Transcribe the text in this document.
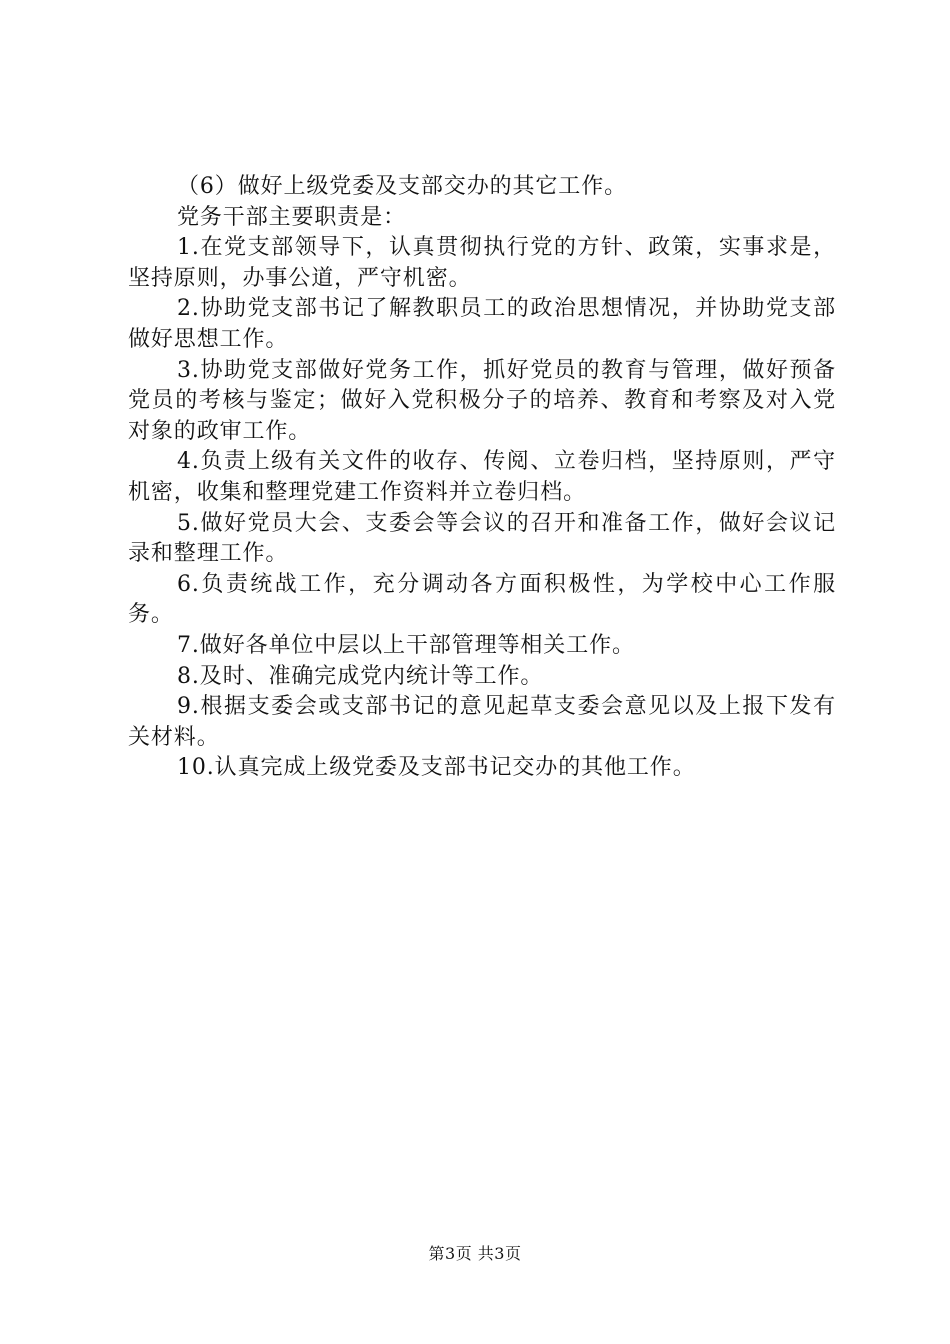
（6）做好上级党委及支部交办的其它工作。

党务干部主要职责是：

1.在党支部领导下，认真贯彻执行党的方针、政策，实事求是，坚持原则，办事公道，严守机密。

2.协助党支部书记了解教职员工的政治思想情况，并协助党支部做好思想工作。

3.协助党支部做好党务工作，抓好党员的教育与管理，做好预备党员的考核与鉴定；做好入党积极分子的培养、教育和考察及对入党对象的政审工作。

4.负责上级有关文件的收存、传阅、立卷归档，坚持原则，严守机密，收集和整理党建工作资料并立卷归档。

5.做好党员大会、支委会等会议的召开和准备工作，做好会议记录和整理工作。

6.负责统战工作，充分调动各方面积极性，为学校中心工作服务。

7.做好各单位中层以上干部管理等相关工作。

8.及时、准确完成党内统计等工作。

9.根据支委会或支部书记的意见起草支委会意见以及上报下发有关材料。

10.认真完成上级党委及支部书记交办的其他工作。

第3页 共3页
